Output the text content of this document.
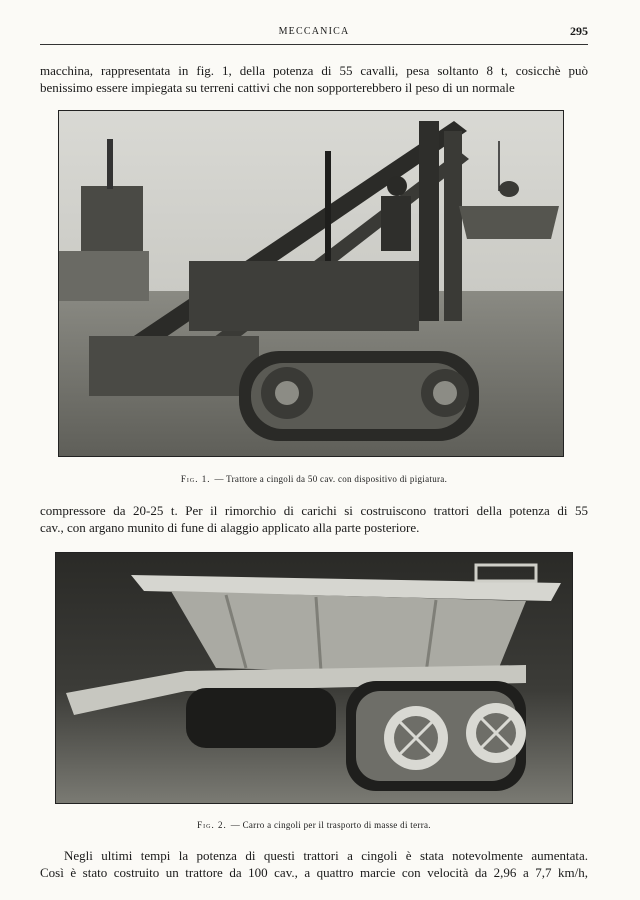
MECCANICA	295
macchina, rappresentata in fig. 1, della potenza di 55 cavalli, pesa soltanto 8 t, cosicchè può
benissimo essere impiegata su terreni cattivi che non sopporterebbero il peso di un normale
Fig. 1. — Trattore a cingoli da 50 cav. con dispositivo di pigiatura.
compressore da 20-25 t. Per il rimorchio di carichi si costruiscono trattori della potenza di 55
cav., con argano munito di fune di alaggio applicato alla parte posteriore.
Fig. 2. — Carro a cingoli per il trasporto di masse di terra.
Negli ultimi tempi la potenza di questi trattori a cingoli è stata notevolmente aumentata.
Così è stato costruito un trattore da 100 cav., a quattro marcie con velocità da 2,96 a 7,7 km/h,
